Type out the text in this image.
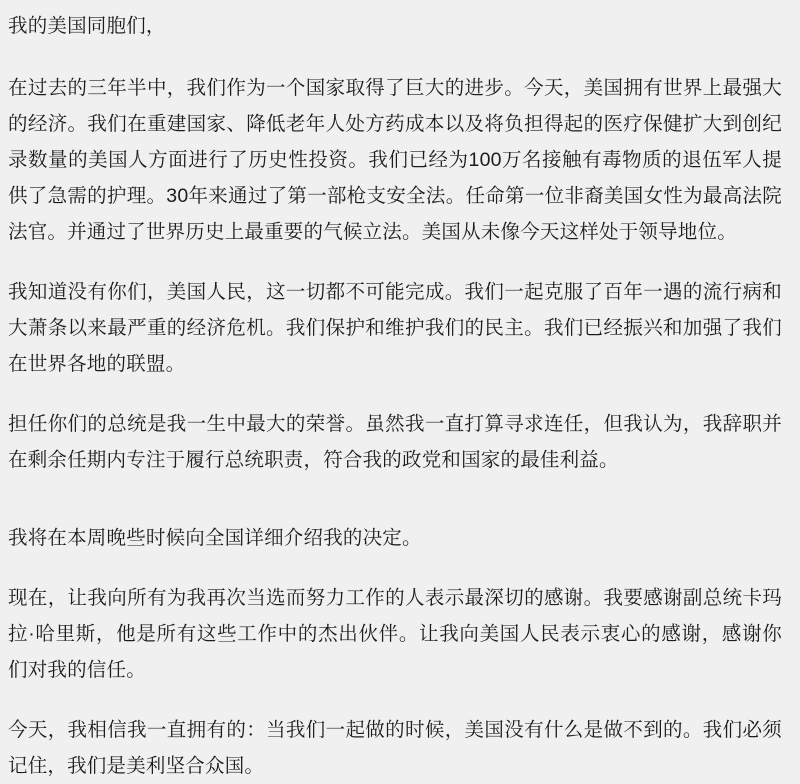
我的美国同胞们，

在过去的三年半中，我们作为一个国家取得了巨大的进步。今天，美国拥有世界上最强大的经济。我们在重建国家、降低老年人处方药成本以及将负担得起的医疗保健扩大到创纪录数量的美国人方面进行了历史性投资。我们已经为100万名接触有毒物质的退伍军人提供了急需的护理。30年来通过了第一部枪支安全法。任命第一位非裔美国女性为最高法院法官。并通过了世界历史上最重要的气候立法。美国从未像今天这样处于领导地位。

我知道没有你们，美国人民，这一切都不可能完成。我们一起克服了百年一遇的流行病和大萧条以来最严重的经济危机。我们保护和维护我们的民主。我们已经振兴和加强了我们在世界各地的联盟。

担任你们的总统是我一生中最大的荣誉。虽然我一直打算寻求连任，但我认为，我辞职并在剩余任期内专注于履行总统职责，符合我的政党和国家的最佳利益。

我将在本周晚些时候向全国详细介绍我的决定。

现在，让我向所有为我再次当选而努力工作的人表示最深切的感谢。我要感谢副总统卡玛拉·哈里斯，他是所有这些工作中的杰出伙伴。让我向美国人民表示衷心的感谢，感谢你们对我的信任。

今天，我相信我一直拥有的：当我们一起做的时候，美国没有什么是做不到的。我们必须记住，我们是美利坚合众国。
